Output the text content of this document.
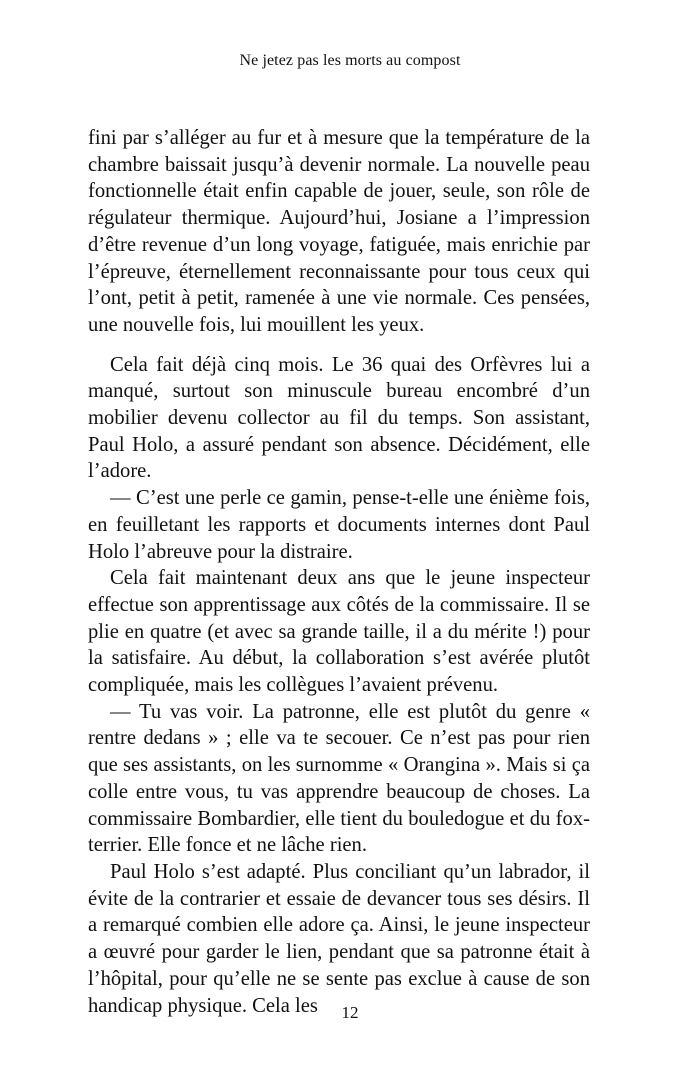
Ne jetez pas les morts au compost

fini par s’alléger au fur et à mesure que la température de la chambre baissait jusqu’à devenir normale. La nouvelle peau fonctionnelle était enfin capable de jouer, seule, son rôle de régulateur thermique. Aujourd’hui, Josiane a l’impression d’être revenue d’un long voyage, fatiguée, mais enrichie par l’épreuve, éternellement reconnaissante pour tous ceux qui l’ont, petit à petit, ramenée à une vie normale. Ces pensées, une nouvelle fois, lui mouillent les yeux.

Cela fait déjà cinq mois. Le 36 quai des Orfèvres lui a manqué, surtout son minuscule bureau encombré d’un mobilier devenu collector au fil du temps. Son assistant, Paul Holo, a assuré pendant son absence. Décidément, elle l’adore.

— C’est une perle ce gamin, pense-t-elle une énième fois, en feuilletant les rapports et documents internes dont Paul Holo l’abreuve pour la distraire.

Cela fait maintenant deux ans que le jeune inspecteur effectue son apprentissage aux côtés de la commissaire. Il se plie en quatre (et avec sa grande taille, il a du mérite !) pour la satisfaire. Au début, la collaboration s’est avérée plutôt compliquée, mais les collègues l’avaient prévenu.

— Tu vas voir. La patronne, elle est plutôt du genre « rentre dedans » ; elle va te secouer. Ce n’est pas pour rien que ses assistants, on les surnomme « Orangina ». Mais si ça colle entre vous, tu vas apprendre beaucoup de choses. La commissaire Bombardier, elle tient du bouledogue et du fox-terrier. Elle fonce et ne lâche rien.

Paul Holo s’est adapté. Plus conciliant qu’un labrador, il évite de la contrarier et essaie de devancer tous ses désirs. Il a remarqué combien elle adore ça. Ainsi, le jeune inspecteur a œuvré pour garder le lien, pendant que sa patronne était à l’hôpital, pour qu’elle ne se sente pas exclue à cause de son handicap physique. Cela les	12
